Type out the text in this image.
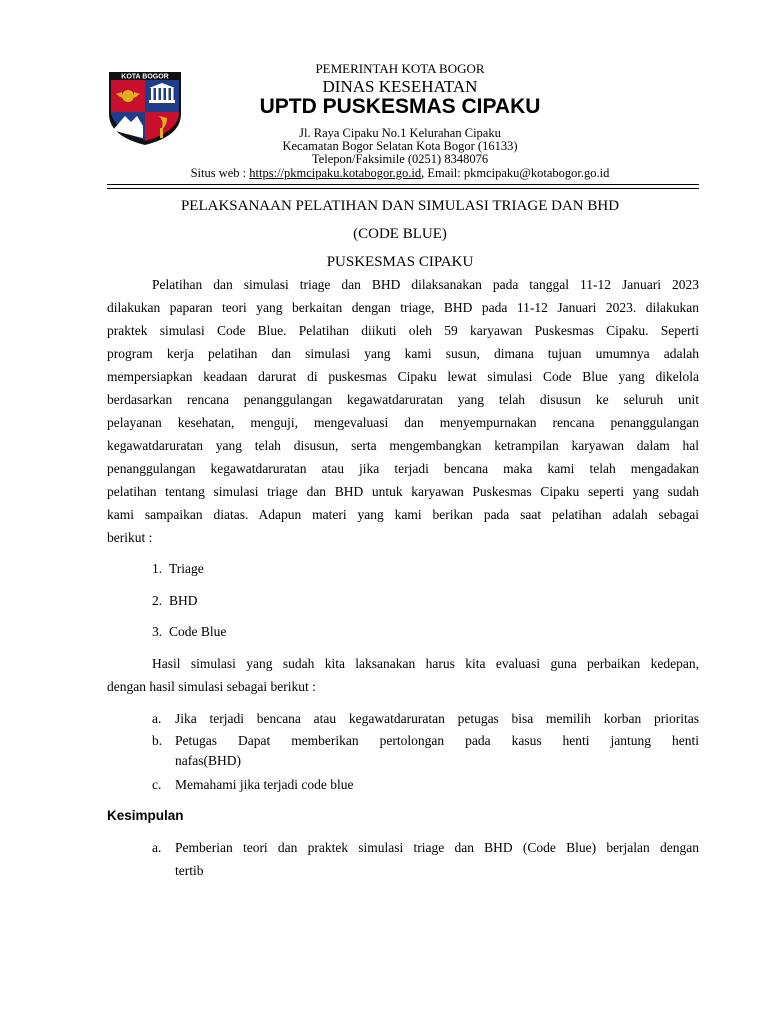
KOTA BOGOR
PEMERINTAH KOTA BOGOR
DINAS KESEHATAN
UPTD PUSKESMAS CIPAKU
Jl. Raya Cipaku No.1 Kelurahan Cipaku
Kecamatan Bogor Selatan Kota Bogor (16133)
Telepon/Faksimile (0251) 8348076
Situs web : https://pkmcipaku.kotabogor.go.id, Email: pkmcipaku@kotabogor.go.id
PELAKSANAAN PELATIHAN DAN SIMULASI TRIAGE DAN BHD
(CODE BLUE)
PUSKESMAS CIPAKU
Pelatihan dan simulasi triage dan BHD dilaksanakan pada tanggal 11-12 Januari 2023
dilakukan paparan teori yang berkaitan dengan triage, BHD pada 11-12 Januari 2023. dilakukan
praktek simulasi Code Blue. Pelatihan diikuti oleh 59 karyawan Puskesmas Cipaku. Seperti
program kerja pelatihan dan simulasi yang kami susun, dimana tujuan umumnya adalah
mempersiapkan keadaan darurat di puskesmas Cipaku lewat simulasi Code Blue yang dikelola
berdasarkan rencana penanggulangan kegawatdaruratan yang telah disusun ke seluruh unit
pelayanan kesehatan, menguji, mengevaluasi dan menyempurnakan rencana penanggulangan
kegawatdaruratan yang telah disusun, serta mengembangkan ketrampilan karyawan dalam hal
penanggulangan kegawatdaruratan atau jika terjadi bencana maka kami telah mengadakan
pelatihan tentang simulasi triage dan BHD untuk karyawan Puskesmas Cipaku seperti yang sudah
kami sampaikan diatas. Adapun materi yang kami berikan pada saat pelatihan adalah sebagai
berikut :
1. Triage
2. BHD
3. Code Blue
Hasil simulasi yang sudah kita laksanakan harus kita evaluasi guna perbaikan kedepan,
dengan hasil simulasi sebagai berikut :
a. Jika terjadi bencana atau kegawatdaruratan petugas bisa memilih korban prioritas
b. Petugas Dapat memberikan pertolongan pada kasus henti jantung henti
nafas(BHD)
c. Memahami jika terjadi code blue
Kesimpulan
a. Pemberian teori dan praktek simulasi triage dan BHD (Code Blue) berjalan dengan
tertib
